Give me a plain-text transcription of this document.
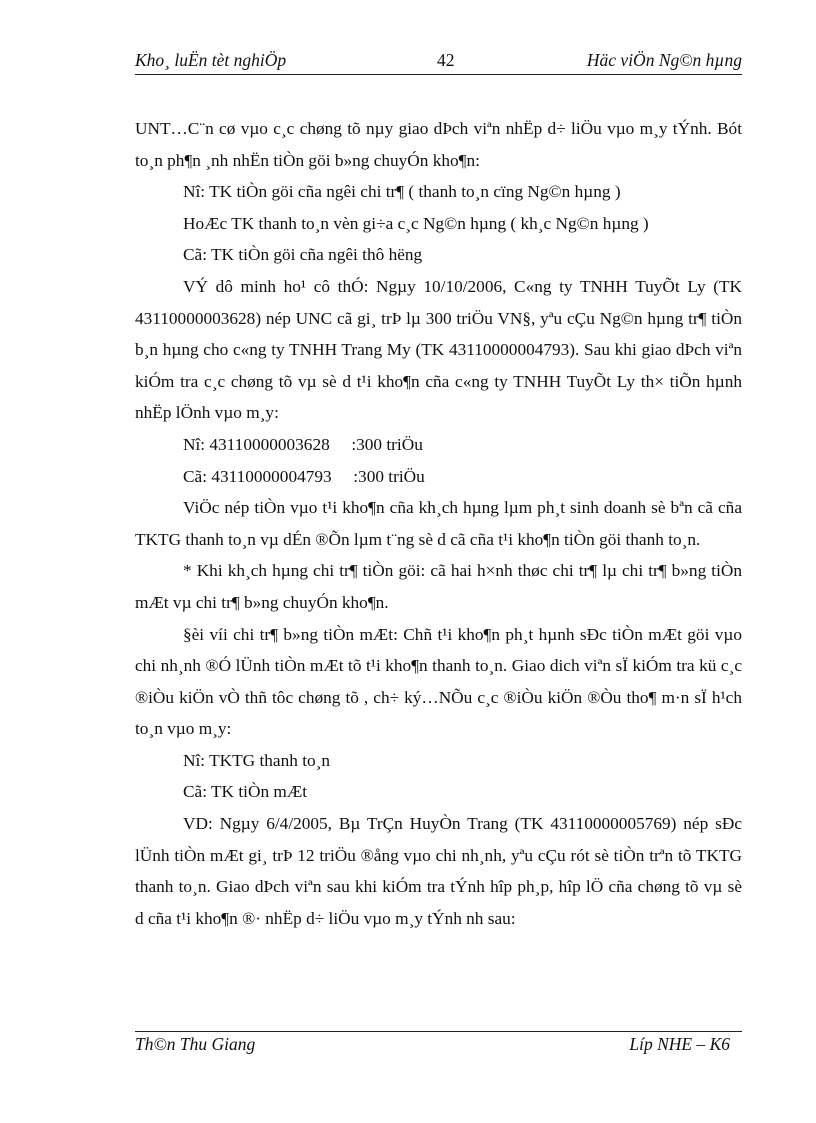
Kho¸ luËn tèt nghiÖp	42	Häc viÖn Ng©n hµng

UNT…C¨n cø vµo c¸c chøng tõ nµy giao dÞch viªn nhËp d÷ liÖu vµo m¸y tÝnh. Bót to¸n ph¶n ¸nh nhËn tiÒn göi b»ng chuyÓn kho¶n:

Nî: TK tiÒn göi cña ngêi chi tr¶ ( thanh to¸n cïng Ng©n hµng )

HoÆc TK thanh to¸n vèn gi÷a c¸c Ng©n hµng ( kh¸c Ng©n hµng )

Cã: TK tiÒn göi cña ngêi thô hëng

VÝ dô minh ho¹ cô thÓ: Ngµy 10/10/2006, C«ng ty TNHH TuyÕt Ly (TK 43110000003628) nép UNC cã gi¸ trÞ lµ 300 triÖu VN§, yªu cÇu Ng©n hµng tr¶ tiÒn b¸n hµng cho c«ng ty TNHH Trang My (TK 43110000004793). Sau khi giao dÞch viªn kiÓm tra c¸c chøng tõ vµ sè d t¹i kho¶n cña c«ng ty TNHH TuyÕt Ly th× tiÕn hµnh nhËp lÖnh vµo m¸y:

Nî: 43110000003628     :300 triÖu

Cã: 43110000004793     :300 triÖu

ViÖc nép tiÒn vµo t¹i kho¶n cña kh¸ch hµng lµm ph¸t sinh doanh sè bªn cã cña TKTG thanh to¸n vµ dÉn ®Õn lµm t¨ng sè d cã cña t¹i kho¶n tiÒn göi thanh to¸n.

* Khi kh¸ch hµng chi tr¶ tiÒn göi: cã hai h×nh thøc chi tr¶ lµ chi tr¶ b»ng tiÒn mÆt vµ chi tr¶ b»ng chuyÓn kho¶n.

§èi víi chi tr¶ b»ng tiÒn mÆt: Chñ t¹i kho¶n ph¸t hµnh sÐc tiÒn mÆt göi vµo chi nh¸nh ®Ó lÜnh tiÒn mÆt tõ t¹i kho¶n thanh to¸n. Giao dich viªn sÏ kiÓm tra kü c¸c ®iÒu kiÖn vÒ thñ tôc chøng tõ , ch÷ ký…NÕu c¸c ®iÒu kiÖn ®Òu tho¶ m·n sÏ h¹ch to¸n vµo m¸y:

Nî: TKTG thanh to¸n

Cã: TK tiÒn mÆt

VD: Ngµy 6/4/2005, Bµ TrÇn HuyÒn Trang (TK 43110000005769) nép sÐc lÜnh tiÒn mÆt gi¸ trÞ 12 triÖu ®ång vµo chi nh¸nh, yªu cÇu rót sè tiÒn trªn tõ TKTG thanh to¸n. Giao dÞch viªn sau khi kiÓm tra tÝnh hîp ph¸p, hîp lÖ cña chøng tõ vµ sè d cña t¹i kho¶n ®· nhËp d÷ liÖu vµo m¸y tÝnh nh sau:

Th©n Thu Giang	Líp NHE – K6
